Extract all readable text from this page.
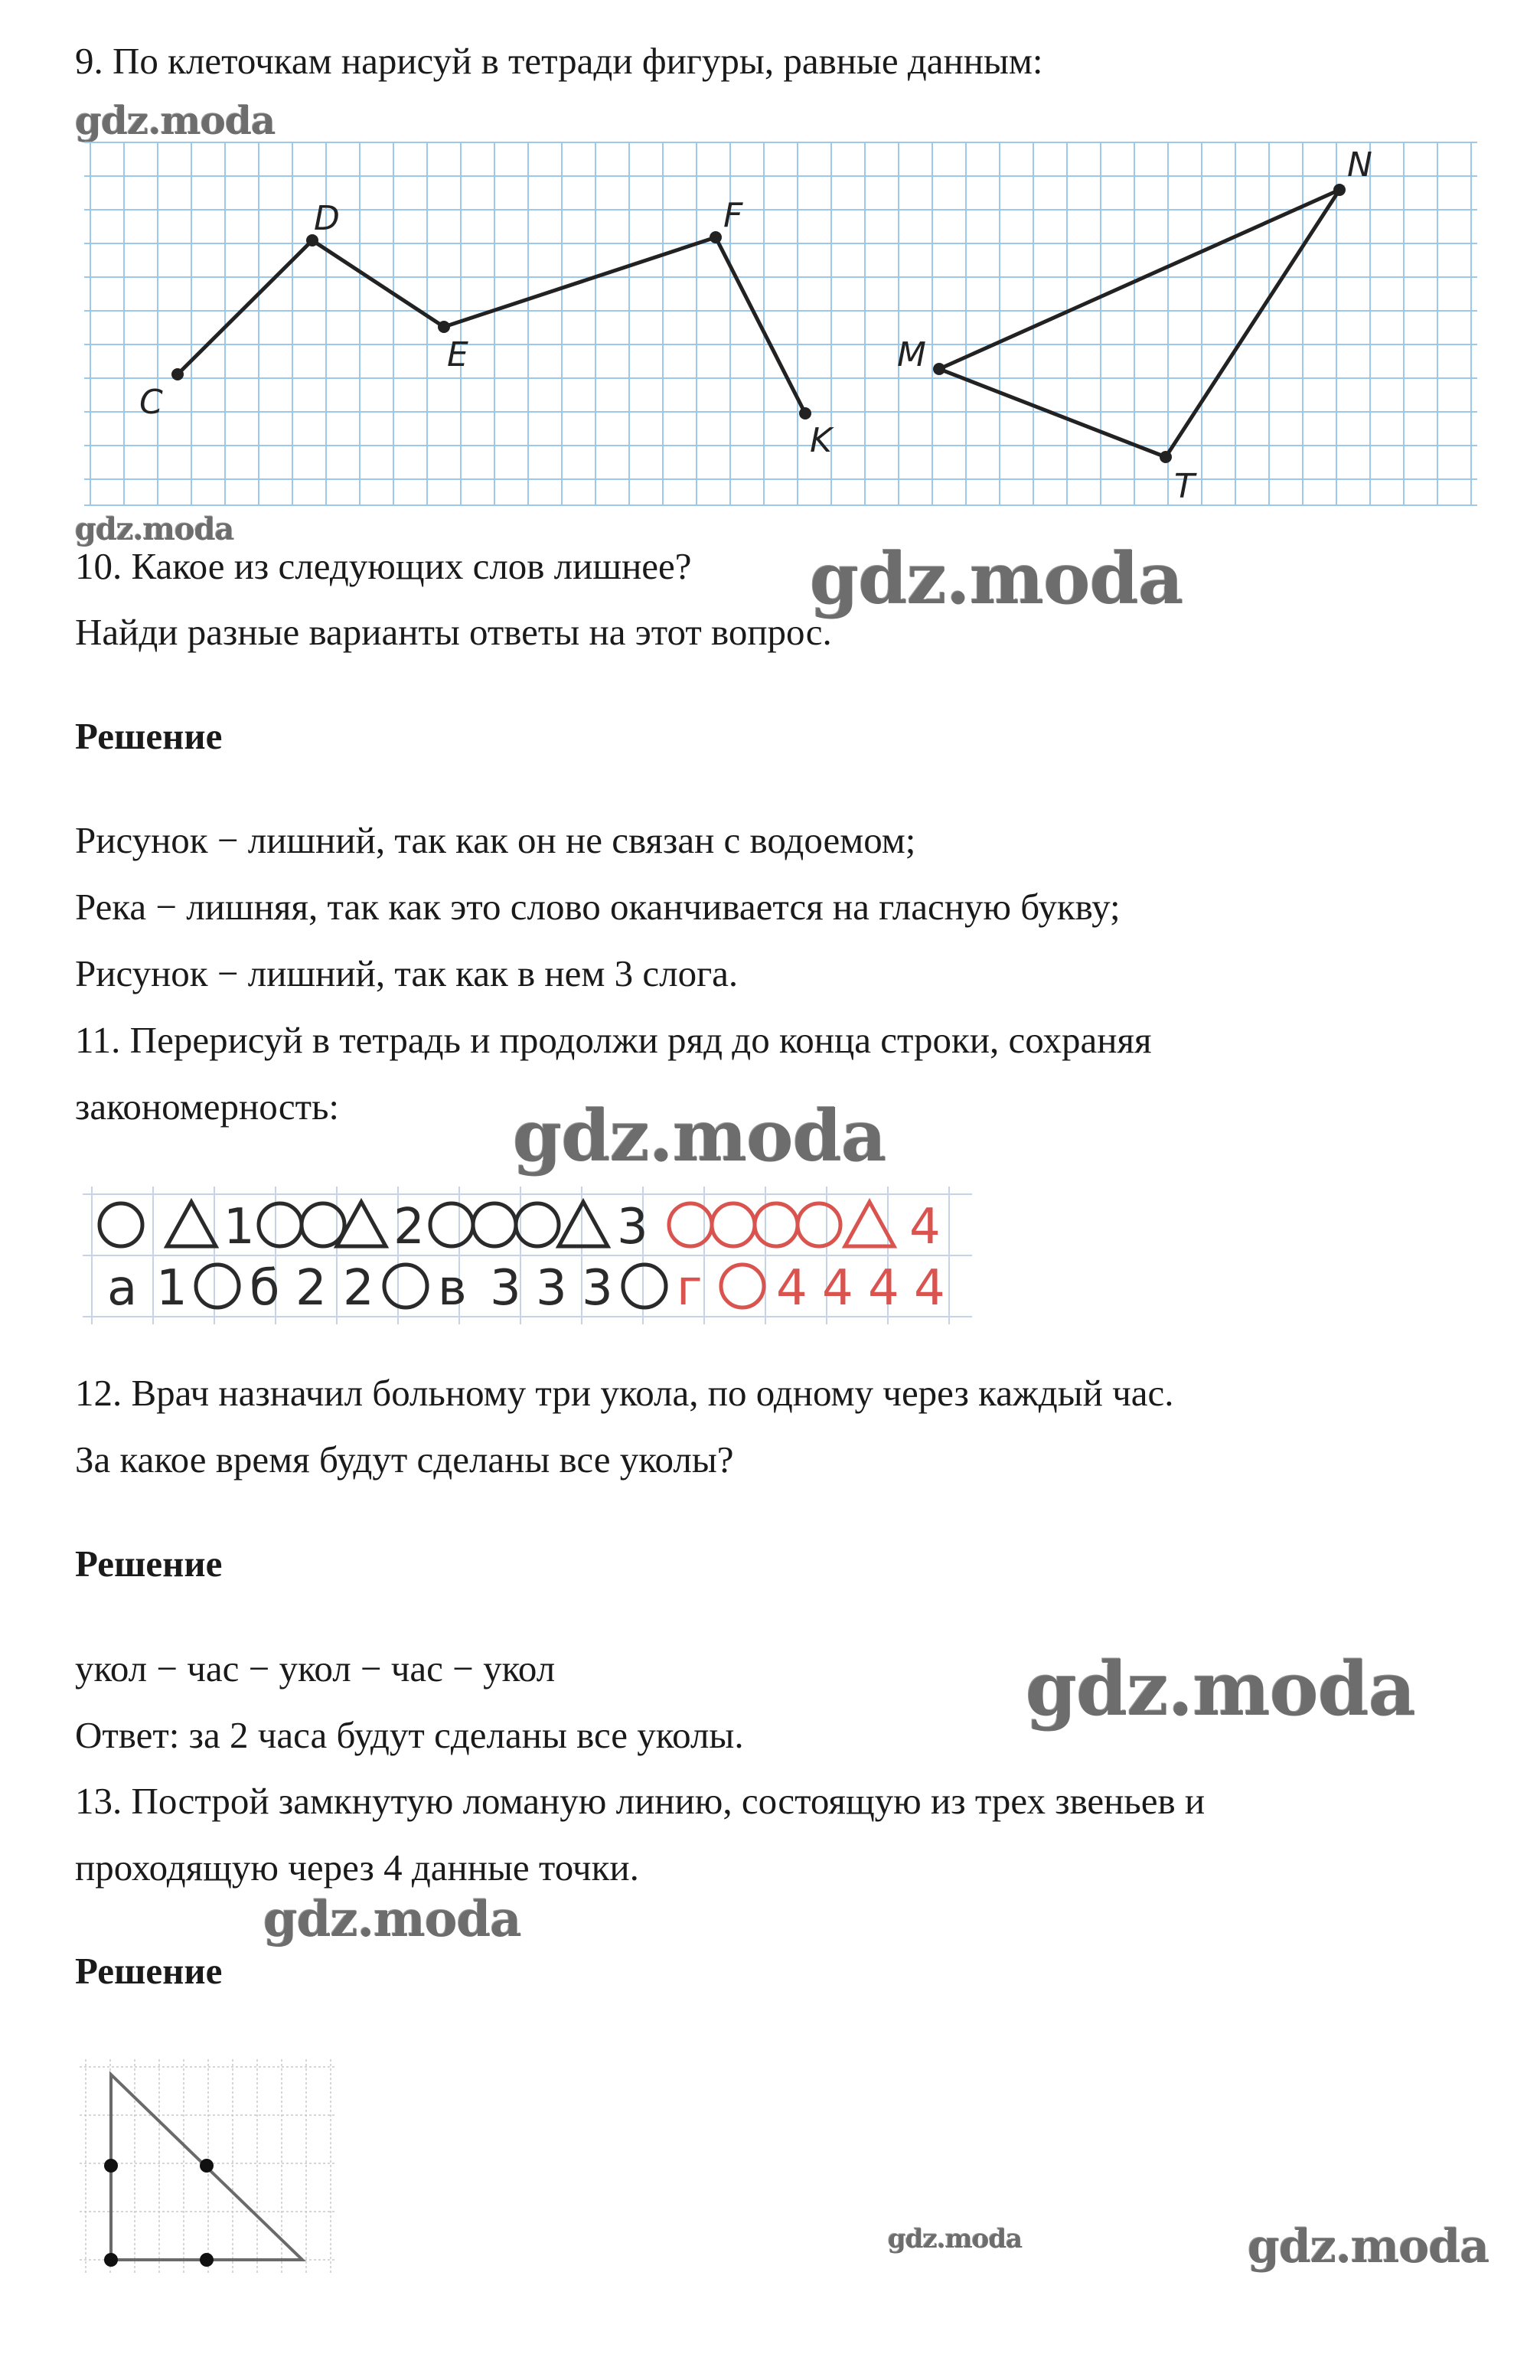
9. По клеточкам нарисуй в тетради фигуры, равные данным:
gdz.moda
C
D
E
F
K
M
N
T
gdz.moda
10. Какое из следующих слов лишнее? gdz.moda
Найди разные варианты ответы на этот вопрос.
Решение
Рисунок − лишний, так как он не связан с водоемом;
Река − лишняя, так как это слово оканчивается на гласную букву;
Рисунок − лишний, так как в нем 3 слога.
11. Перерисуй в тетрадь и продолжи ряд до конца строки, сохраняя
закономерность: gdz.moda
1	2	3	4
а 1 б 2 2 в 3 3 3 г 4 4 4 4
12. Врач назначил больному три укола, по одному через каждый час.
За какое время будут сделаны все уколы?
Решение
укол − час − укол − час − укол	gdz.moda
Ответ: за 2 часа будут сделаны все уколы.
13. Построй замкнутую ломаную линию, состоящую из трех звеньев и
проходящую через 4 данные точки.
gdz.moda
Решение
gdz.moda	gdz.moda
